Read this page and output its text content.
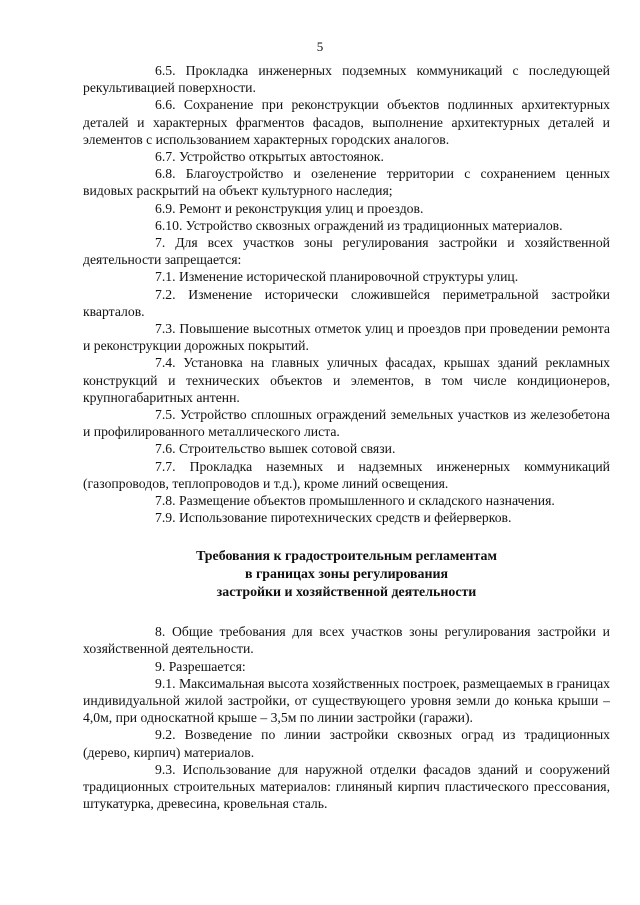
5

6.5. Прокладка инженерных подземных коммуникаций с последующей рекультивацией поверхности.

6.6. Сохранение при реконструкции объектов подлинных архитектурных деталей и характерных фрагментов фасадов, выполнение архитектурных деталей и элементов с использованием характерных городских аналогов.

6.7. Устройство открытых автостоянок.

6.8. Благоустройство и озеленение территории с сохранением ценных видовых раскрытий на объект культурного наследия;

6.9. Ремонт и реконструкция улиц и проездов.

6.10. Устройство сквозных ограждений из традиционных материалов.

7. Для всех участков зоны регулирования застройки и хозяйственной деятельности запрещается:

7.1. Изменение исторической планировочной структуры улиц.

7.2. Изменение исторически сложившейся периметральной застройки кварталов.

7.3. Повышение высотных отметок улиц и проездов при проведении ремонта и реконструкции дорожных покрытий.

7.4. Установка на главных уличных фасадах, крышах зданий рекламных конструкций и технических объектов и элементов, в том числе кондиционеров, крупногабаритных антенн.

7.5. Устройство сплошных ограждений земельных участков из железобетона и профилированного металлического листа.

7.6. Строительство вышек сотовой связи.

7.7. Прокладка наземных и надземных инженерных коммуникаций (газопроводов, теплопроводов и т.д.), кроме линий освещения.

7.8. Размещение объектов промышленного и складского назначения.

7.9. Использование пиротехнических средств и фейерверков.

Требования к градостроительным регламентам

в границах зоны регулирования

застройки и хозяйственной деятельности

8. Общие требования для всех участков зоны регулирования застройки и хозяйственной деятельности.

9. Разрешается:

9.1. Максимальная высота хозяйственных построек, размещаемых в границах индивидуальной жилой застройки, от существующего уровня земли до конька крыши – 4,0м, при односкатной крыше – 3,5м по линии застройки (гаражи).

9.2. Возведение по линии застройки сквозных оград из традиционных (дерево, кирпич) материалов.

9.3. Использование для наружной отделки фасадов зданий и сооружений традиционных строительных материалов: глиняный кирпич пластического прессования, штукатурка, древесина, кровельная сталь.
